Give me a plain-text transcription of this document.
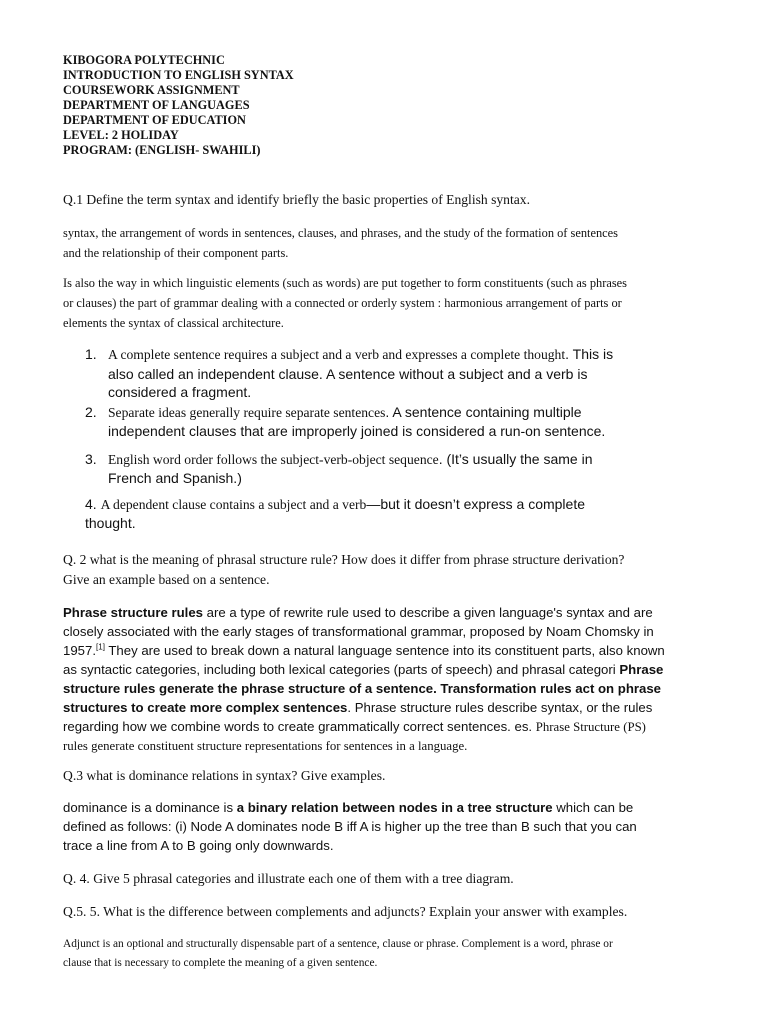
KIBOGORA POLYTECHNIC
INTRODUCTION TO ENGLISH SYNTAX
COURSEWORK ASSIGNMENT
DEPARTMENT OF LANGUAGES
DEPARTMENT OF EDUCATION
LEVEL: 2 HOLIDAY
PROGRAM: (ENGLISH- SWAHILI)
Q.1 Define the term syntax and identify briefly the basic properties of English syntax.
syntax, the arrangement of words in sentences, clauses, and phrases, and the study of the formation of sentences
and the relationship of their component parts.
Is also the way in which linguistic elements (such as words) are put together to form constituents (such as phrases
or clauses) the part of grammar dealing with a connected or orderly system : harmonious arrangement of parts or
elements the syntax of classical architecture.
1. A complete sentence requires a subject and a verb and expresses a complete thought. This is
also called an independent clause. A sentence without a subject and a verb is
considered a fragment.
2. Separate ideas generally require separate sentences. A sentence containing multiple
independent clauses that are improperly joined is considered a run-on sentence.
3. English word order follows the subject-verb-object sequence. (It’s usually the same in
French and Spanish.)
4. A dependent clause contains a subject and a verb—but it doesn’t express a complete
thought.
Q. 2 what is the meaning of phrasal structure rule? How does it differ from phrase structure derivation?
Give an example based on a sentence.
Phrase structure rules are a type of rewrite rule used to describe a given language's syntax and are
closely associated with the early stages of transformational grammar, proposed by Noam Chomsky in
1957.[1] They are used to break down a natural language sentence into its constituent parts, also known
as syntactic categories, including both lexical categories (parts of speech) and phrasal categori Phrase
structure rules generate the phrase structure of a sentence. Transformation rules act on phrase
structures to create more complex sentences. Phrase structure rules describe syntax, or the rules
regarding how we combine words to create grammatically correct sentences. es. Phrase Structure (PS)
rules generate constituent structure representations for sentences in a language.
Q.3 what is dominance relations in syntax? Give examples.
dominance is a dominance is a binary relation between nodes in a tree structure which can be
defined as follows: (i) Node A dominates node B iff A is higher up the tree than B such that you can
trace a line from A to B going only downwards.
Q. 4. Give 5 phrasal categories and illustrate each one of them with a tree diagram.
Q.5. 5. What is the difference between complements and adjuncts? Explain your answer with examples.
Adjunct is an optional and structurally dispensable part of a sentence, clause or phrase. Complement is a word, phrase or
clause that is necessary to complete the meaning of a given sentence.
